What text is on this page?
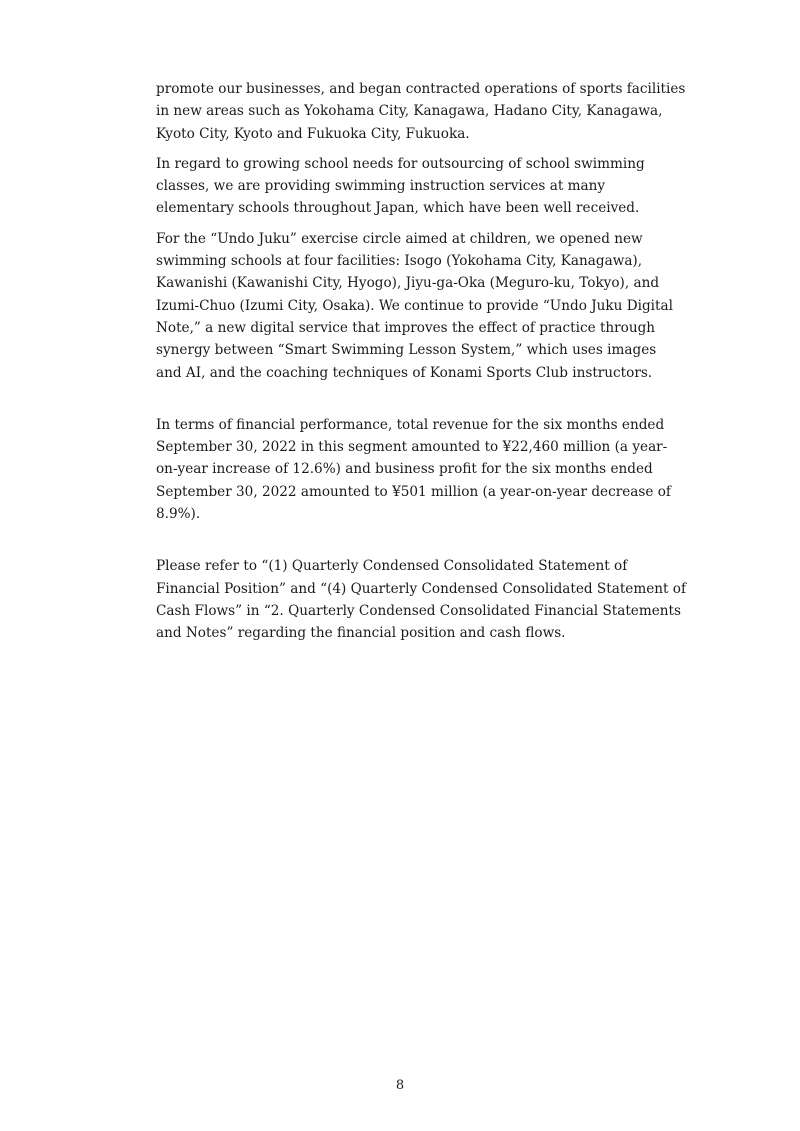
promote our businesses, and began contracted operations of sports facilities in new areas such as Yokohama City, Kanagawa, Hadano City, Kanagawa, Kyoto City, Kyoto and Fukuoka City, Fukuoka.

In regard to growing school needs for outsourcing of school swimming classes, we are providing swimming instruction services at many elementary schools throughout Japan, which have been well received.

For the “Undo Juku” exercise circle aimed at children, we opened new swimming schools at four facilities: Isogo (Yokohama City, Kanagawa), Kawanishi (Kawanishi City, Hyogo), Jiyu-ga-Oka (Meguro-ku, Tokyo), and Izumi-Chuo (Izumi City, Osaka). We continue to provide “Undo Juku Digital Note,” a new digital service that improves the effect of practice through synergy between “Smart Swimming Lesson System,” which uses images and AI, and the coaching techniques of Konami Sports Club instructors.

In terms of financial performance, total revenue for the six months ended September 30, 2022 in this segment amounted to ¥22,460 million (a year-on-year increase of 12.6%) and business profit for the six months ended September 30, 2022 amounted to ¥501 million (a year-on-year decrease of 8.9%).

Please refer to “(1) Quarterly Condensed Consolidated Statement of Financial Position” and “(4) Quarterly Condensed Consolidated Statement of Cash Flows” in “2. Quarterly Condensed Consolidated Financial Statements and Notes” regarding the financial position and cash flows.

8
